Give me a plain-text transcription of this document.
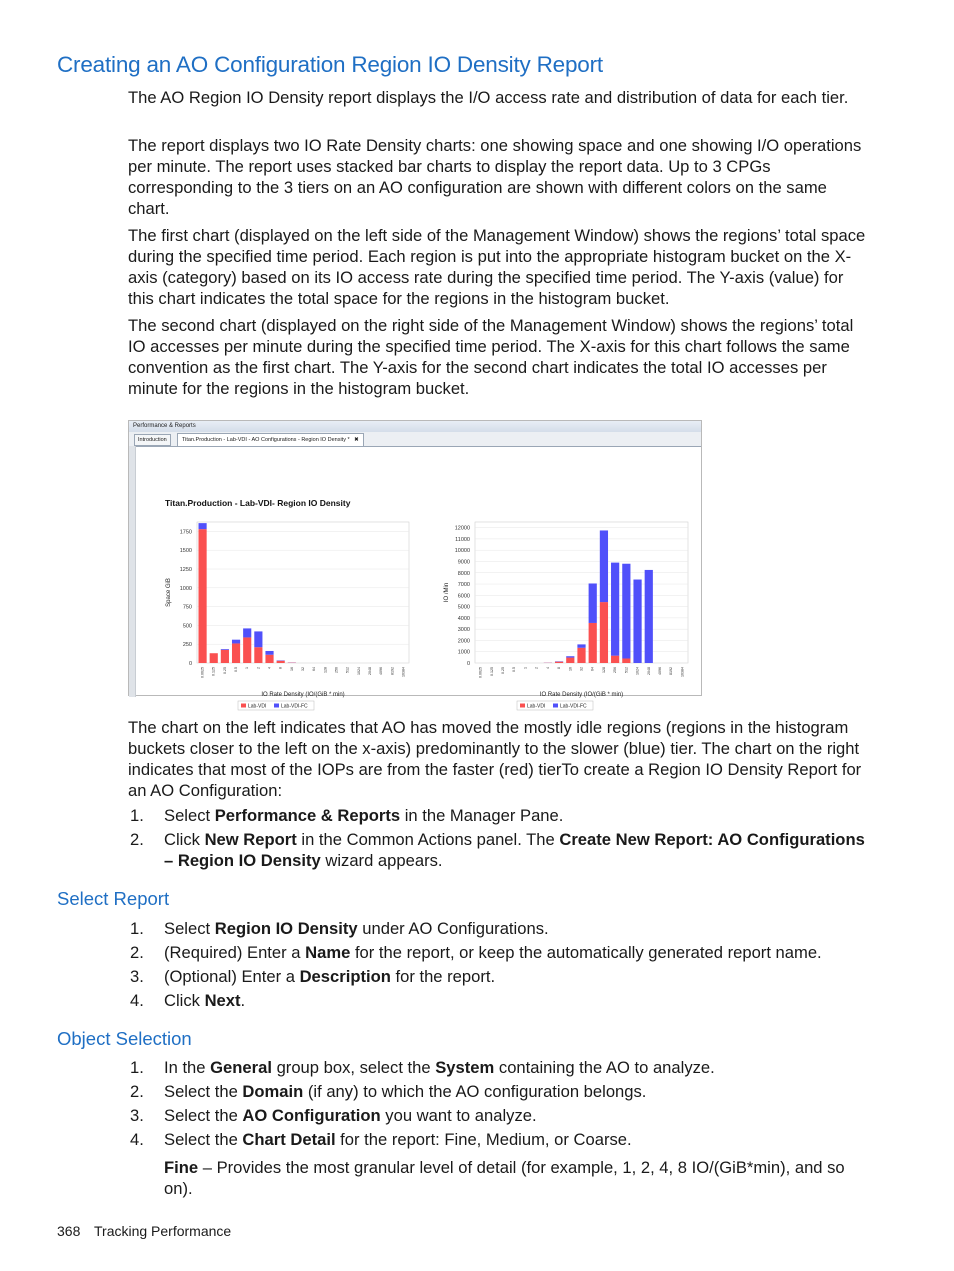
Creating an AO Configuration Region IO Density Report

The AO Region IO Density report displays the I/O access rate and distribution of data for each tier.

The report displays two IO Rate Density charts: one showing space and one showing I/O operations per minute. The report uses stacked bar charts to display the report data. Up to 3 CPGs corresponding to the 3 tiers on an AO configuration are shown with different colors on the same chart.

The first chart (displayed on the left side of the Management Window) shows the regions’ total space during the specified time period. Each region is put into the appropriate histogram bucket on the X-axis (category) based on its IO access rate during the specified time period. The Y-axis (value) for this chart indicates the total space for the regions in the histogram bucket.

The second chart (displayed on the right side of the Management Window) shows the regions’ total IO accesses per minute during the specified time period. The X-axis for this chart follows the same convention as the first chart. The Y-axis for the second chart indicates the total IO accesses per minute for the regions in the histogram bucket.

Performance & Reports
Introduction	Titan.Production - Lab-VDI - AO Configurations - Region IO Density * ✖
Titan.Production - Lab-VDI- Region IO Density
0
250
500
750
1000
1250
1500
1750
Space GiB
0.0625 0.125 0.25 0.5 1 2 4 8 16 32 64 128 256 512 1024 2048 4096 8192 16384
IO Rate Density (IO/(GiB * min)
Lab-VDI	Lab-VDI-FC
0
1000
2000
3000
4000
5000
6000
7000
8000
9000
10000
11000
12000
IO /Min
0.0625 0.125 0.25 0.5 1 2 4 8 16 32 64 128 256 512 1024 2048 4096 8192 16384
IO Rate Density (IO/(GiB * min)
Lab-VDI	Lab-VDI-FC

The chart on the left indicates that AO has moved the mostly idle regions (regions in the histogram buckets closer to the left on the x-axis) predominantly to the slower (blue) tier. The chart on the right indicates that most of the IOPs are from the faster (red) tierTo create a Region IO Density Report for an AO Configuration:

1.	Select Performance & Reports in the Manager Pane.
2.	Click New Report in the Common Actions panel. The Create New Report: AO Configurations – Region IO Density wizard appears.
Select Report
1.	Select Region IO Density under AO Configurations.
2.	(Required) Enter a Name for the report, or keep the automatically generated report name.
3.	(Optional) Enter a Description for the report.
4.	Click Next.
Object Selection
1.	In the General group box, select the System containing the AO to analyze.
2.	Select the Domain (if any) to which the AO configuration belongs.
3.	Select the AO Configuration you want to analyze.
4.	Select the Chart Detail for the report: Fine, Medium, or Coarse.

Fine – Provides the most granular level of detail (for example, 1, 2, 4, 8 IO/(GiB*min), and so on).

368 Tracking Performance
